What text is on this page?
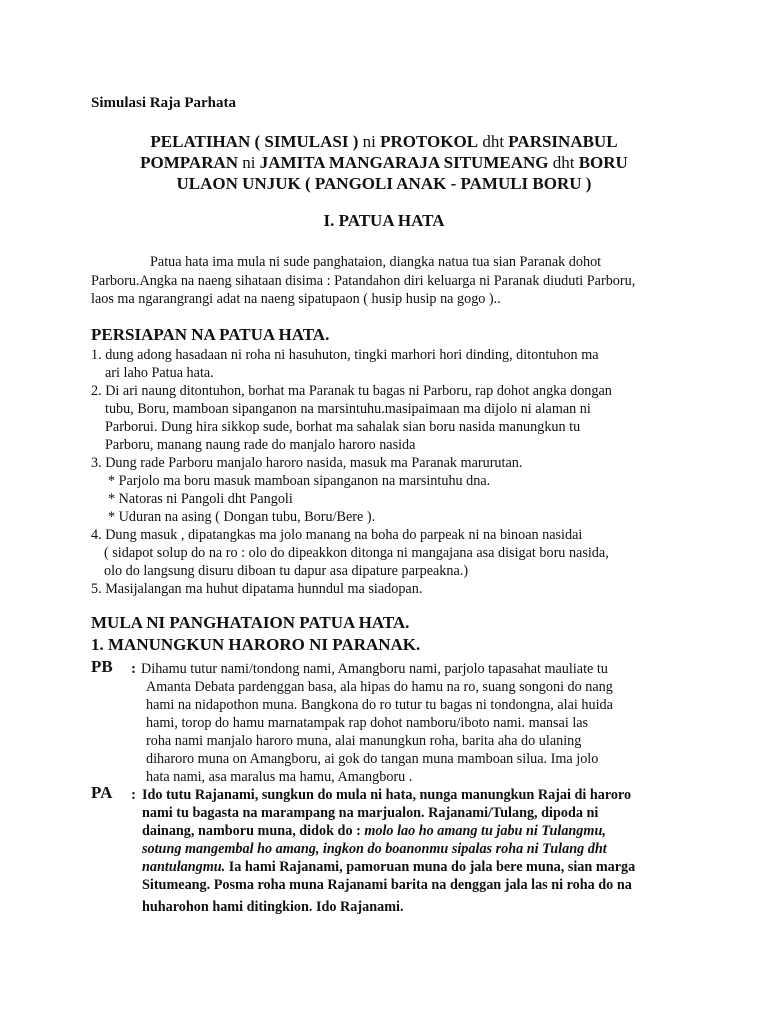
Simulasi Raja Parhata
PELATIHAN ( SIMULASI ) ni PROTOKOL dht PARSINABUL
POMPARAN ni JAMITA MANGARAJA SITUMEANG dht BORU
ULAON UNJUK ( PANGOLI ANAK - PAMULI BORU )
I. PATUA HATA
Patua hata ima mula ni sude panghataion, diangka natua tua sian Paranak dohot
Parboru.Angka na naeng sihataan disima : Patandahon diri keluarga ni Paranak diuduti Parboru,
laos ma ngarangrangi adat na naeng sipatupaon ( husip husip na gogo )..
PERSIAPAN NA PATUA HATA.
1. dung adong hasadaan ni roha ni hasuhuton, tingki marhori hori dinding, ditontuhon ma
ari laho Patua hata.
2. Di ari naung ditontuhon, borhat ma Paranak tu bagas ni Parboru, rap dohot angka dongan
tubu, Boru, mamboan sipanganon na marsintuhu.masipaimaan ma dijolo ni alaman ni
Parborui. Dung hira sikkop sude, borhat ma sahalak sian boru nasida manungkun tu
Parboru, manang naung rade do manjalo haroro nasida
3. Dung rade Parboru manjalo haroro nasida, masuk ma Paranak marurutan.
* Parjolo ma boru masuk mamboan sipanganon na marsintuhu dna.
* Natoras ni Pangoli dht Pangoli
* Uduran na asing ( Dongan tubu, Boru/Bere ).
4. Dung masuk , dipatangkas ma jolo manang na boha do parpeak ni na binoan nasidai
( sidapot solup do na ro : olo do dipeakkon ditonga ni mangajana asa disigat boru nasida,
olo do langsung disuru diboan tu dapur asa dipature parpeakna.)
5. Masijalangan ma huhut dipatama hunndul ma siadopan.
MULA NI PANGHATAION PATUA HATA.
1. MANUNGKUN HARORO NI PARANAK.
PB : Dihamu tutur nami/tondong nami, Amangboru nami, parjolo tapasahat mauliate tu
Amanta Debata pardenggan basa, ala hipas do hamu na ro, suang songoni do nang
hami na nidapothon muna. Bangkona do ro tutur tu bagas ni tondongna, alai huida
hami, torop do hamu marnatampak rap dohot namboru/iboto nami. mansai las
roha nami manjalo haroro muna, alai manungkun roha, barita aha do ulaning
diharoro muna on Amangboru, ai gok do tangan muna mamboan silua. Ima jolo
hata nami, asa maralus ma hamu, Amangboru .
PA : Ido tutu Rajanami, sungkun do mula ni hata, nunga manungkun Rajai di haroro
nami tu bagasta na marampang na marjualon. Rajanami/Tulang, dipoda ni
dainang, namboru muna, didok do : molo lao ho amang tu jabu ni Tulangmu,
sotung mangembal ho amang, ingkon do boanonmu sipalas roha ni Tulang dht
nantulangmu. Ia hami Rajanami, pamoruan muna do jala bere muna, sian marga
Situmeang. Posma roha muna Rajanami barita na denggan jala las ni roha do na
huharohon hami ditingkion. Ido Rajanami.
